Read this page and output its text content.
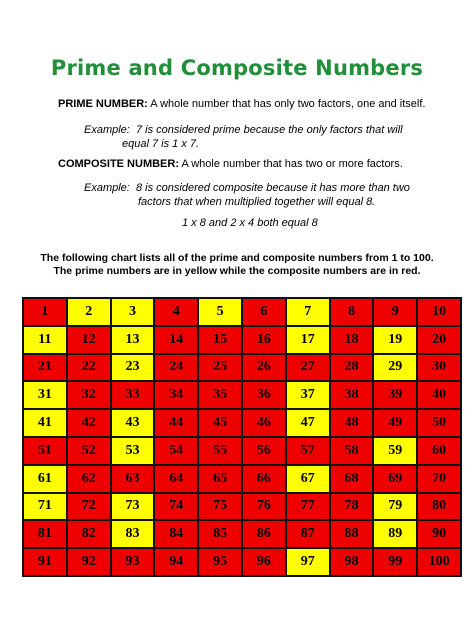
Prime and Composite Numbers
PRIME NUMBER: A whole number that has only two factors, one and itself.
Example: 7 is considered prime because the only factors that will
equal 7 is 1 x 7.
COMPOSITE NUMBER: A whole number that has two or more factors.
Example: 8 is considered composite because it has more than two
factors that when multiplied together will equal 8.
1 x 8 and 2 x 4 both equal 8
The following chart lists all of the prime and composite numbers from 1 to 100.
The prime numbers are in yellow while the composite numbers are in red.
1	2	3	4	5	6	7	8	9	10
11	12	13	14	15	16	17	18	19	20
21	22	23	24	25	26	27	28	29	30
31	32	33	34	35	36	37	38	39	40
41	42	43	44	45	46	47	48	49	50
51	52	53	54	55	56	57	58	59	60
61	62	63	64	65	66	67	68	69	70
71	72	73	74	75	76	77	78	79	80
81	82	83	84	85	86	87	88	89	90
91	92	93	94	95	96	97	98	99	100
